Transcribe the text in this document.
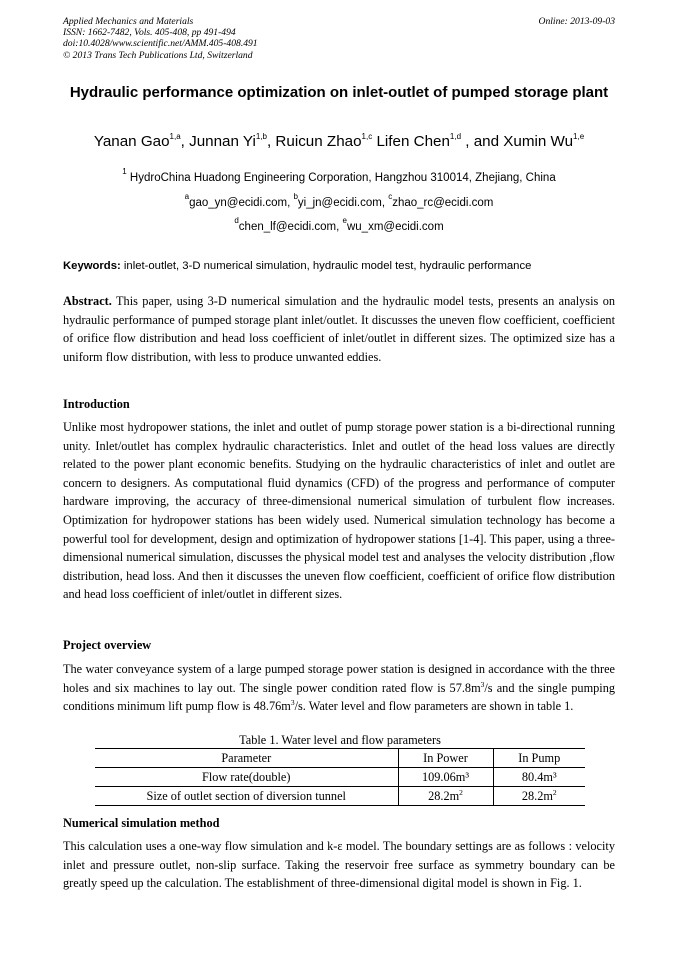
Applied Mechanics and Materials
ISSN: 1662-7482, Vols. 405-408, pp 491-494
doi:10.4028/www.scientific.net/AMM.405-408.491
© 2013 Trans Tech Publications Ltd, Switzerland
Online: 2013-09-03
Hydraulic performance optimization on inlet-outlet of pumped storage plant
Yanan Gao$^{1,a}$, Junnan Yi$^{1,b}$, Ruicun Zhao$^{1,c}$ Lifen Chen$^{1,d}$ , and Xumin Wu$^{1,e}$
$^1$ HydroChina Huadong Engineering Corporation, Hangzhou 310014, Zhejiang, China
$^a$gao_yn@ecidi.com, $^b$yi_jn@ecidi.com, $^c$zhao_rc@ecidi.com
$^d$chen_lf@ecidi.com, $^e$wu_xm@ecidi.com
Keywords: inlet-outlet, 3-D numerical simulation, hydraulic model test, hydraulic performance

Abstract. This paper, using 3-D numerical simulation and the hydraulic model tests, presents an analysis on hydraulic performance of pumped storage plant inlet/outlet. It discusses the uneven flow coefficient, coefficient of orifice flow distribution and head loss coefficient of inlet/outlet in different sizes. The optimized size has a uniform flow distribution, with less to produce unwanted eddies.

Introduction

Unlike most hydropower stations, the inlet and outlet of pump storage power station is a bi-directional running unity. Inlet/outlet has complex hydraulic characteristics. Inlet and outlet of the head loss values are directly related to the power plant economic benefits. Studying on the hydraulic characteristics of inlet and outlet are concern to designers. As computational fluid dynamics (CFD) of the progress and performance of computer hardware improving, the accuracy of three-dimensional numerical simulation of turbulent flow increases. Optimization for hydropower stations has been widely used. Numerical simulation technology has become a powerful tool for development, design and optimization of hydropower stations [1-4]. This paper, using a three-dimensional numerical simulation, discusses the physical model test and analyses the velocity distribution ,flow distribution, head loss. And then it discusses the uneven flow coefficient, coefficient of orifice flow distribution and head loss coefficient of inlet/outlet in different sizes.

Project overview

The water conveyance system of a large pumped storage power station is designed in accordance with the three holes and six machines to lay out. The single power condition rated flow is $57.8m^3/s$ and the single pumping conditions minimum lift pump flow is $48.76m^3/s$. Water level and flow parameters are shown in table 1.

Table 1. Water level and flow parameters
Parameter	In Power	In Pump
Flow rate(double)	109.06m³	80.4m³
Size of outlet section of diversion tunnel	$28.2m^2$	$28.2m^2$
Numerical simulation method

This calculation uses a one-way flow simulation and k-ε model. The boundary settings are as follows : velocity inlet and pressure outlet, non-slip surface. Taking the reservoir free surface as symmetry boundary can be greatly speed up the calculation. The establishment of three-dimensional digital model is shown in Fig. 1.
